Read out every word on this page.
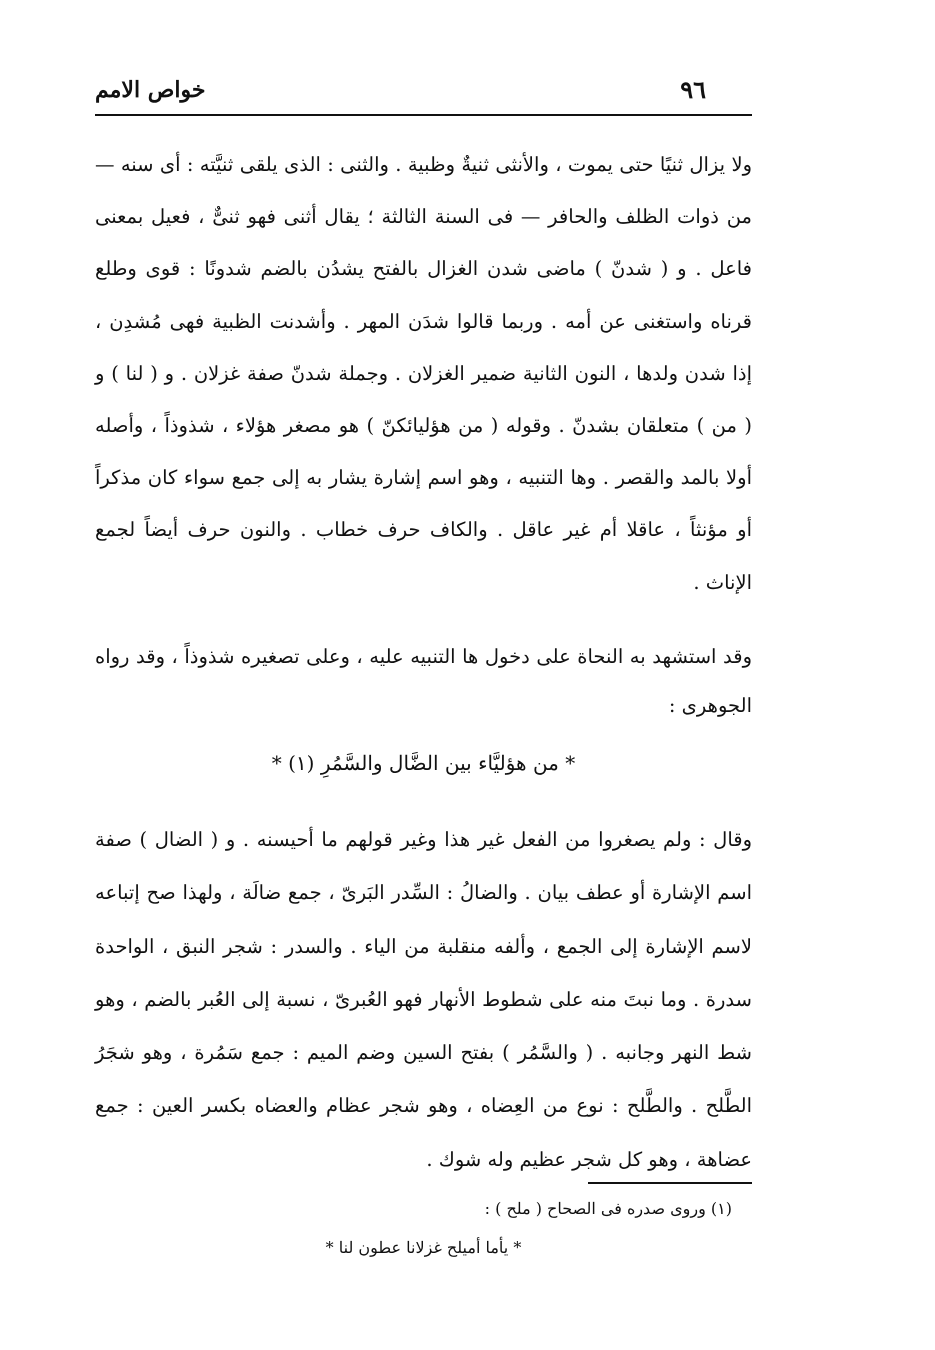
خواص الامم	٩٦

ولا يزال ثنيًا حتى يموت ، والأنثى ثنيةٌ وظبية . والثنى : الذى يلقى ثنيَّته : أى سنه — من ذوات الظلف والحافر — فى السنة الثالثة ؛ يقال أثنى فهو ثنىٌّ ، فعيل بمعنى فاعل . و ( شدنّ ) ماضى شدن الغزال بالفتح يشدُن بالضم شدونًا : قوى وطلع قرناه واستغنى عن أمه . وربما قالوا شدَن المهر . وأشدنت الظبية فهى مُشدِن ، إذا شدن ولدها ، النون الثانية ضمير الغزلان . وجملة شدنّ صفة غزلان . و ( لنا ) و ( من ) متعلقان بشدنّ . وقوله ( من هؤليائكنّ ) هو مصغر هؤلاء ، شذوذاً ، وأصله أولا بالمد والقصر . وها التنبيه ، وهو اسم إشارة يشار به إلى جمع سواء كان مذكراً أو مؤنثاً ، عاقلا أم غير عاقل . والكاف حرف خطاب . والنون حرف أيضاً لجمع الإناث .

وقد استشهد به النحاة على دخول ها التنبيه عليه ، وعلى تصغيره شذوذاً ، وقد رواه الجوهرى :

* من هؤليَّاء بين الضَّال والسَّمُرِ (١) *

وقال : ولم يصغروا من الفعل غير هذا وغير قولهم ما أحيسنه . و ( الضال ) صفة اسم الإشارة أو عطف بيان . والضالُ : السِّدر البَرىّ ، جمع ضالَة ، ولهذا صح إتباعه لاسم الإشارة إلى الجمع ، وألفه منقلبة من الياء . والسدر : شجر النبق ، الواحدة سدرة . وما نبتَ منه على شطوط الأنهار فهو العُبرىّ ، نسبة إلى العُبر بالضم ، وهو شط النهر وجانبه . ( والسَّمُر ) بفتح السين وضم الميم : جمع سَمُرة ، وهو شجَرُ الطَّلح . والطَّلح : نوع من العِضاه ، وهو شجر عظام والعضاه بكسر العين : جمع عضاهة ، وهو كل شجر عظيم وله شوك .

(١) وروى صدره فى الصحاح ( ملح ) :
* يأما أميلح غزلانا عطون لنا *
